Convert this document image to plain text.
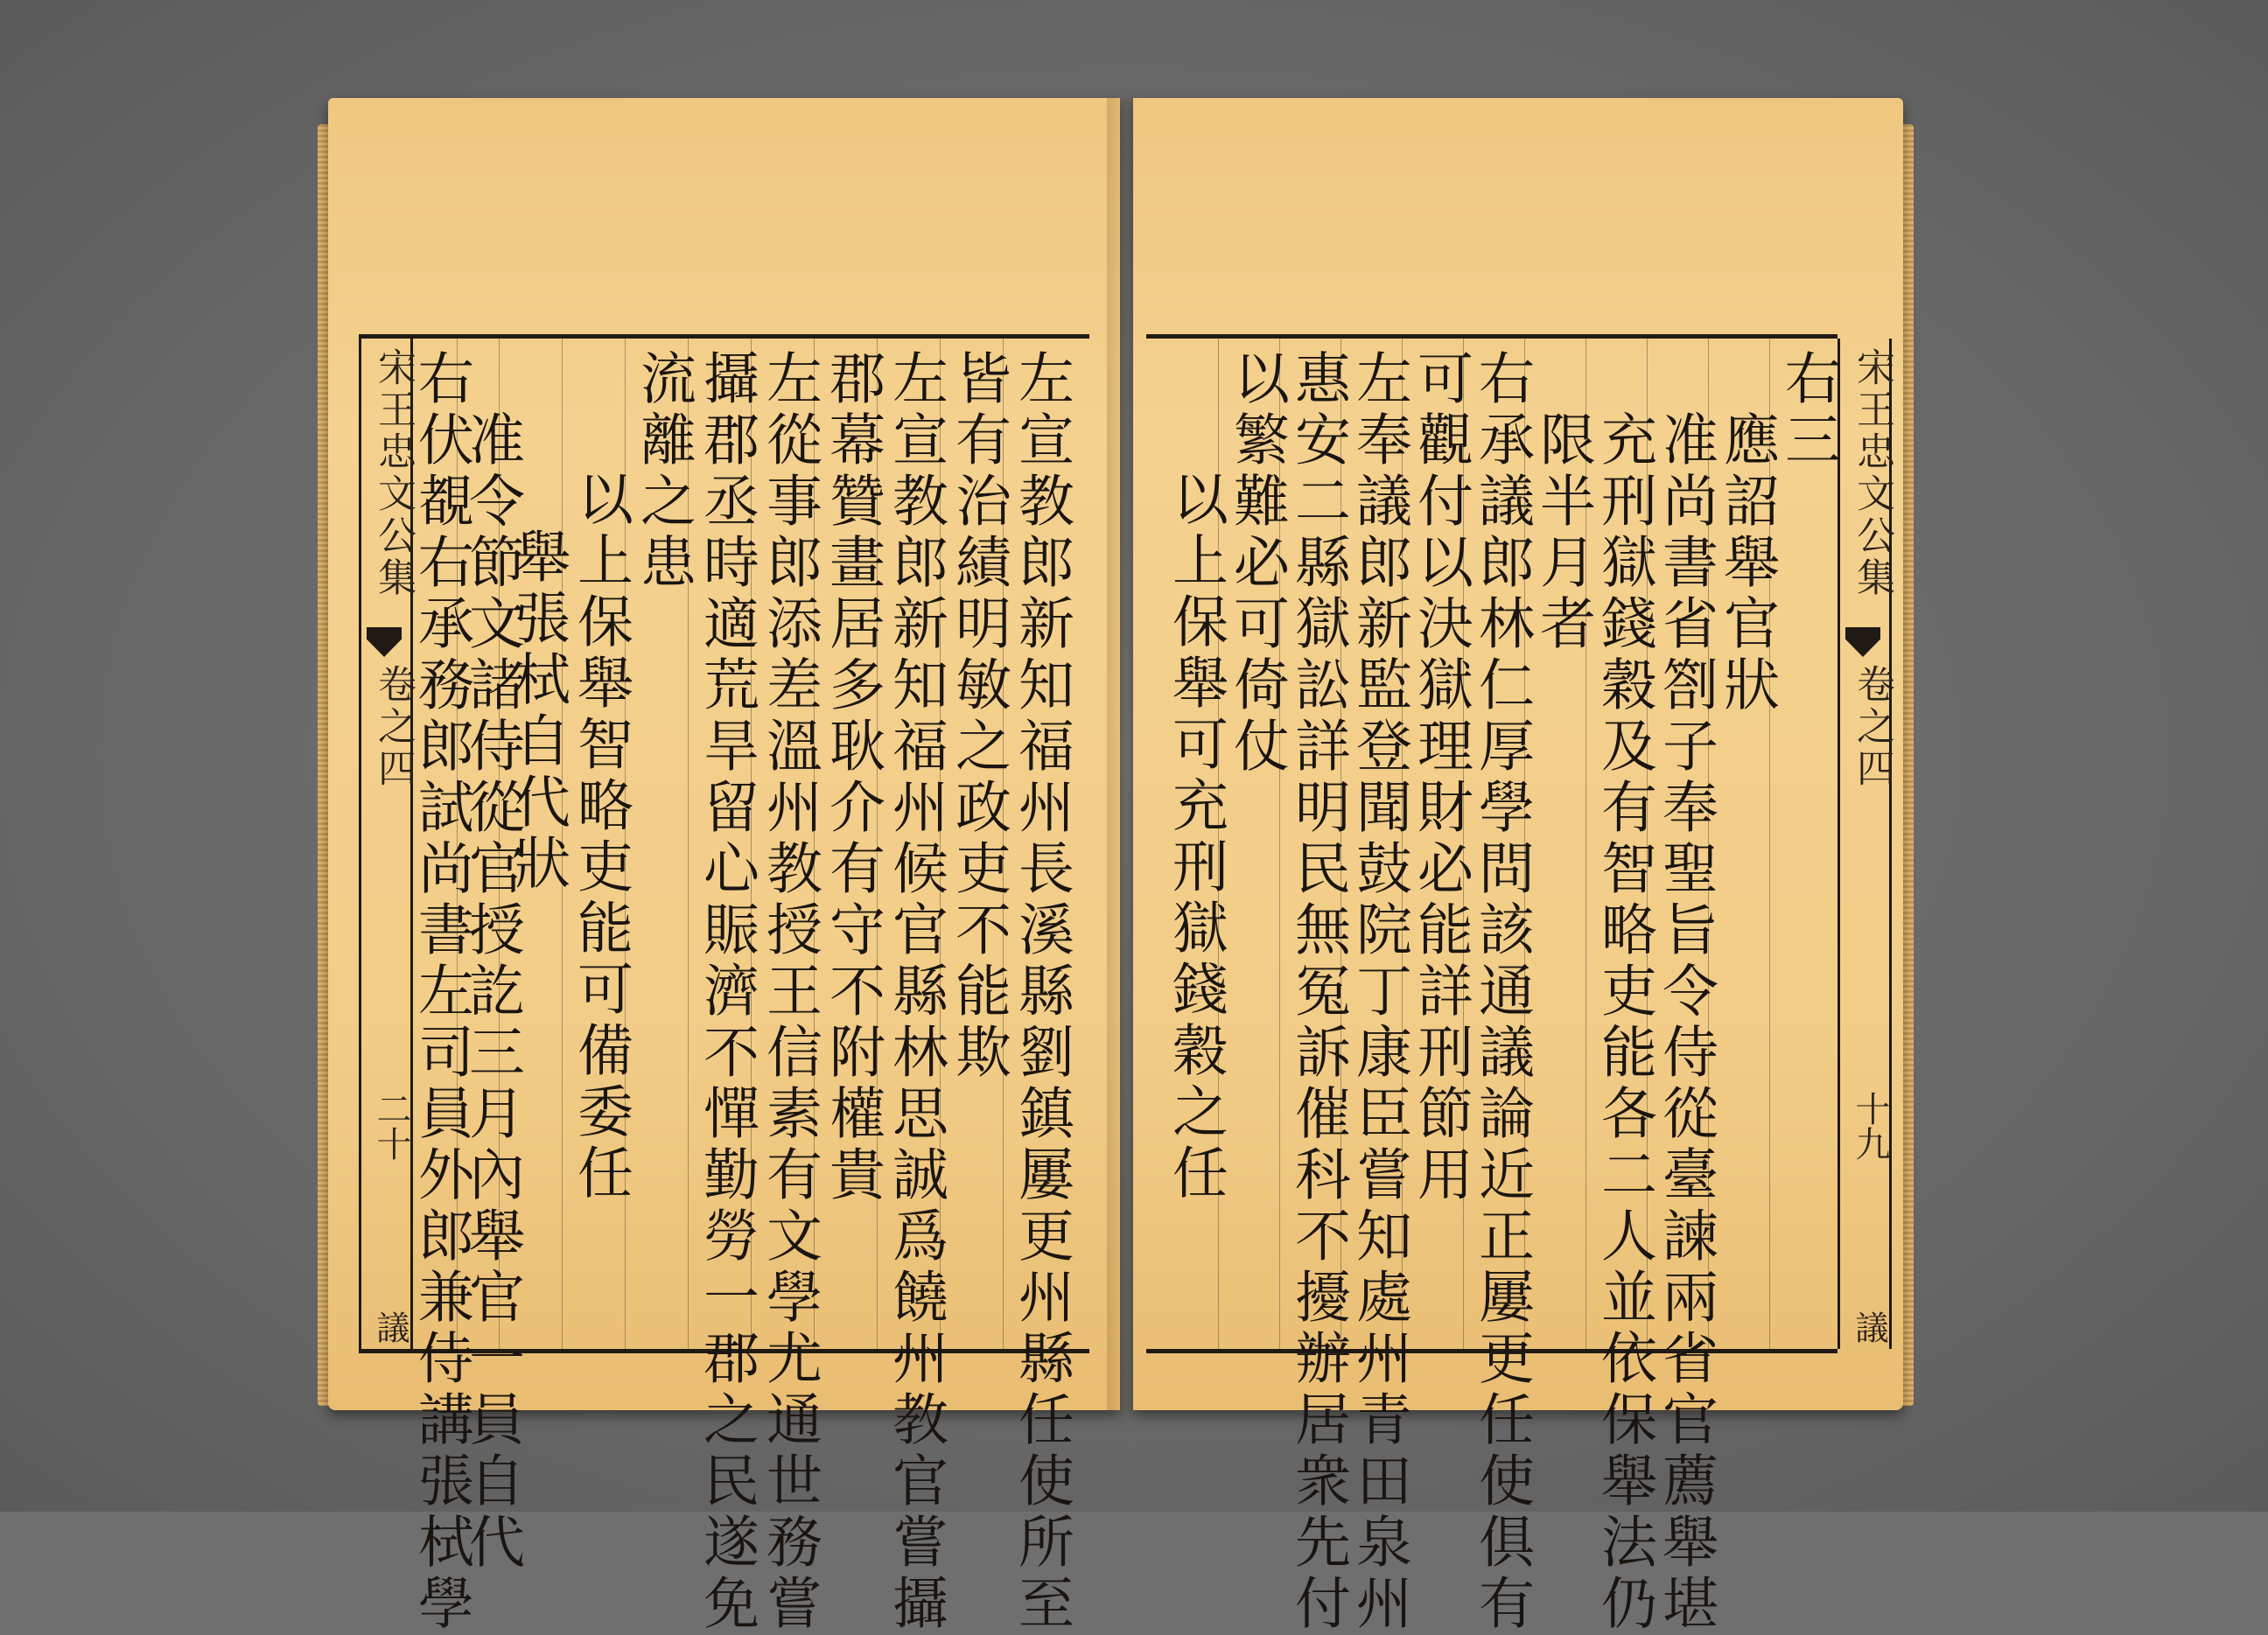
宋王忠文公集
卷之四
二十
議	左宣教郎新知福州長溪縣劉鎮屢更州縣任使所至
皆有治績明敏之政吏不能欺
左宣教郎新知福州候官縣林思誠爲饒州教官嘗攝
郡幕贊畫居多耿介有守不附權貴
左從事郎添差溫州教授王信素有文學尤通世務嘗
攝郡丞時適荒旱留心賑濟不憚勤勞一郡之民遂免
流離之患
以上保舉智略吏能可備委任
舉張栻自代狀
准令節文諸侍從官授訖三月內舉官一員自代
右伏覩右承務郎試尚書左司員外郎兼侍講張栻學	右三
應詔舉官狀
准尚書省劄子奉聖旨令侍從臺諫兩省官薦舉堪
充刑獄錢穀及有智略吏能各二人並依保舉法仍
限半月者
右承議郎林仁厚學問該通議論近正屢更任使俱有
可觀付以決獄理財必能詳刑節用
左奉議郎新監登聞鼓院丁康臣嘗知處州青田泉州
惠安二縣獄訟詳明民無冤訴催科不擾辦居衆先付
以繁難必可倚仗
以上保舉可充刑獄錢穀之任	宋王忠文公集
卷之四
十九
議
